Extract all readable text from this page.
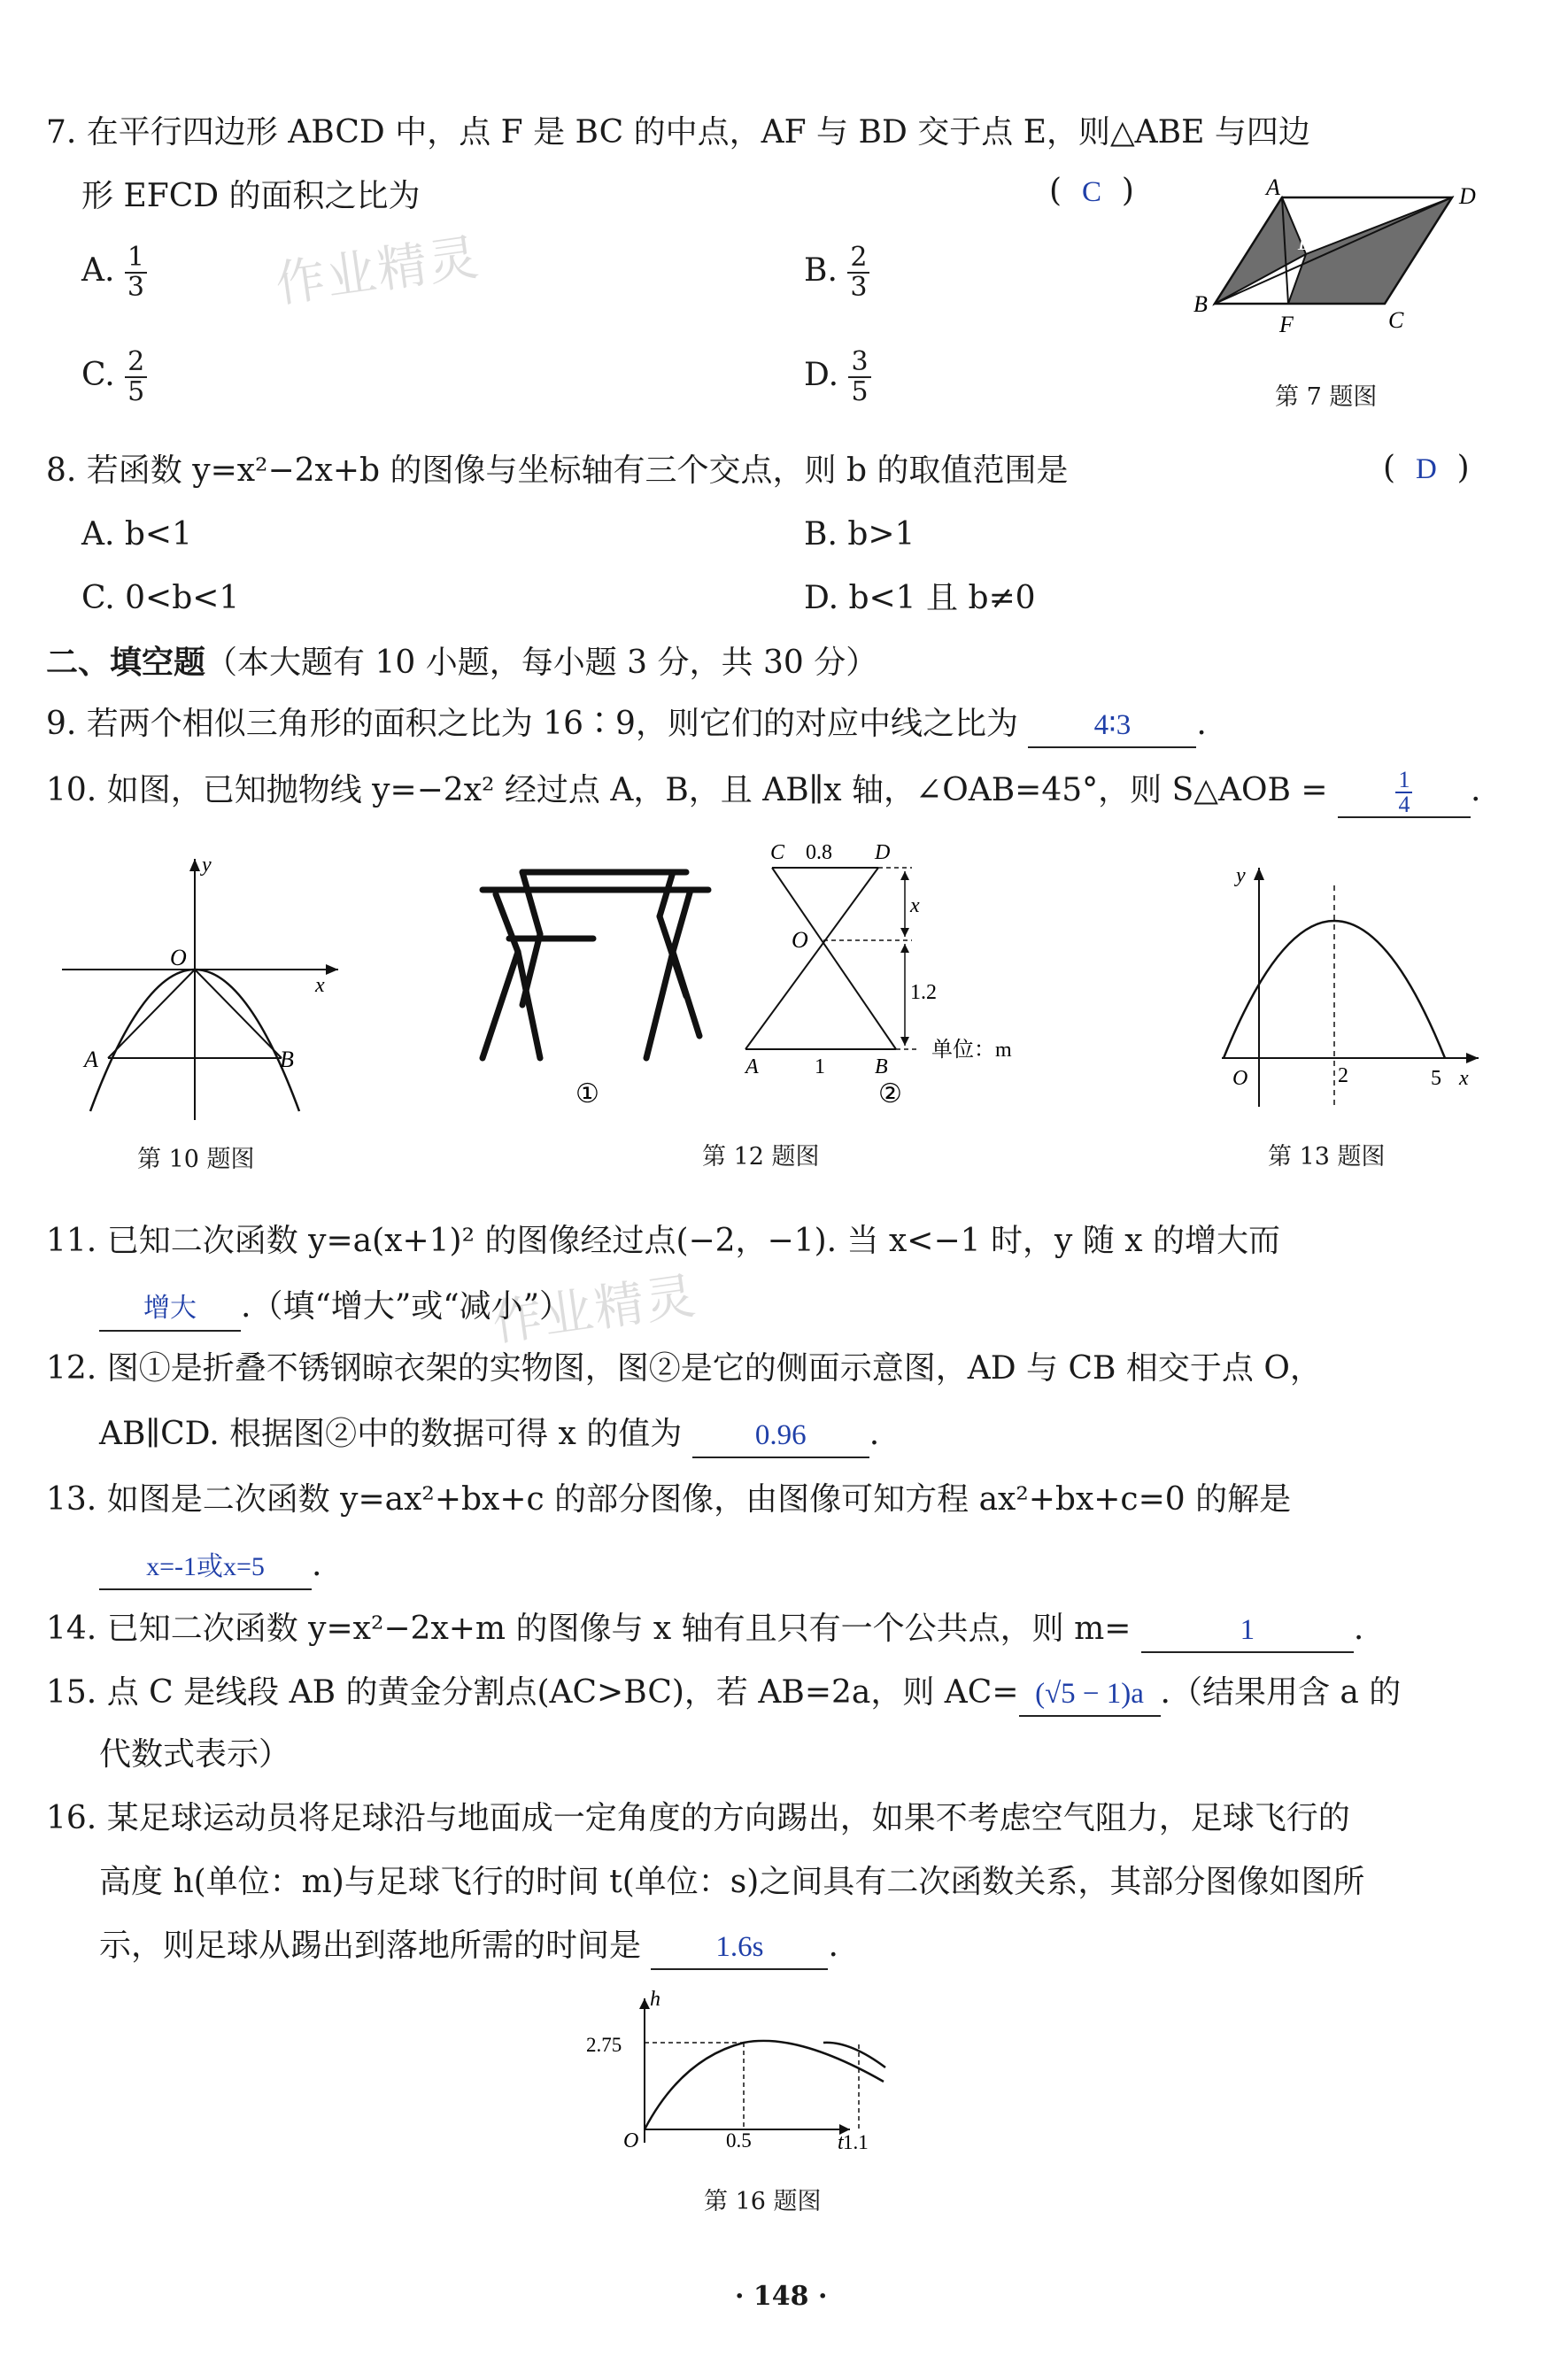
作业精灵
作业精灵
7. 在平行四边形 ABCD 中，点 F 是 BC 的中点，AF 与 BD 交于点 E，则△ABE 与四边
形 EFCD 的面积之比为	( C )
A. $\frac{1}{3}$	B. $\frac{2}{3}$
C. $\frac{2}{5}$	D. $\frac{3}{5}$
A	D
B
C
E
F
第 7 题图
8. 若函数 y=x²−2x+b 的图像与坐标轴有三个交点，则 b 的取值范围是	( D )
A. b<1	B. b>1
C. 0<b<1	D. b<1 且 b≠0
二、填空题（本大题有 10 小题，每小题 3 分，共 30 分）
9. 若两个相似三角形的面积之比为 16∶9，则它们的对应中线之比为	4∶3 .
10. 如图，已知抛物线 y=−2x² 经过点 A，B，且 AB∥x 轴，∠OAB=45°，则 S△AOB =	$\frac{1}{4}$ .
y
x
O
A	B
第 10 题图
①
C 0.8 D
x
O
1.2
A	1 B
单位：m
②
第 12 题图
y
x
O	2	5
第 13 题图
11. 已知二次函数 y=a(x+1)² 的图像经过点(−2，−1). 当 x<−1 时，y 随 x 的增大而
增大 .（填“增大”或“减小”）
12. 图①是折叠不锈钢晾衣架的实物图，图②是它的侧面示意图，AD 与 CB 相交于点 O，
AB∥CD. 根据图②中的数据可得 x 的值为	0.96 .
13. 如图是二次函数 y=ax²+bx+c 的部分图像，由图像可知方程 ax²+bx+c=0 的解是
x=-1或x=5 .
14. 已知二次函数 y=x²−2x+m 的图像与 x 轴有且只有一个公共点，则 m=	1	.
15. 点 C 是线段 AB 的黄金分割点(AC>BC)，若 AB=2a，则 AC= (√5 − 1)a .（结果用含 a 的
代数式表示）
16. 某足球运动员将足球沿与地面成一定角度的方向踢出，如果不考虑空气阻力，足球飞行的
高度 h(单位：m)与足球飞行的时间 t(单位：s)之间具有二次函数关系，其部分图像如图所
示，则足球从踢出到落地所需的时间是	1.6s .
h
2.75
O	0.5	t 1.1
第 16 题图
· 148 ·
